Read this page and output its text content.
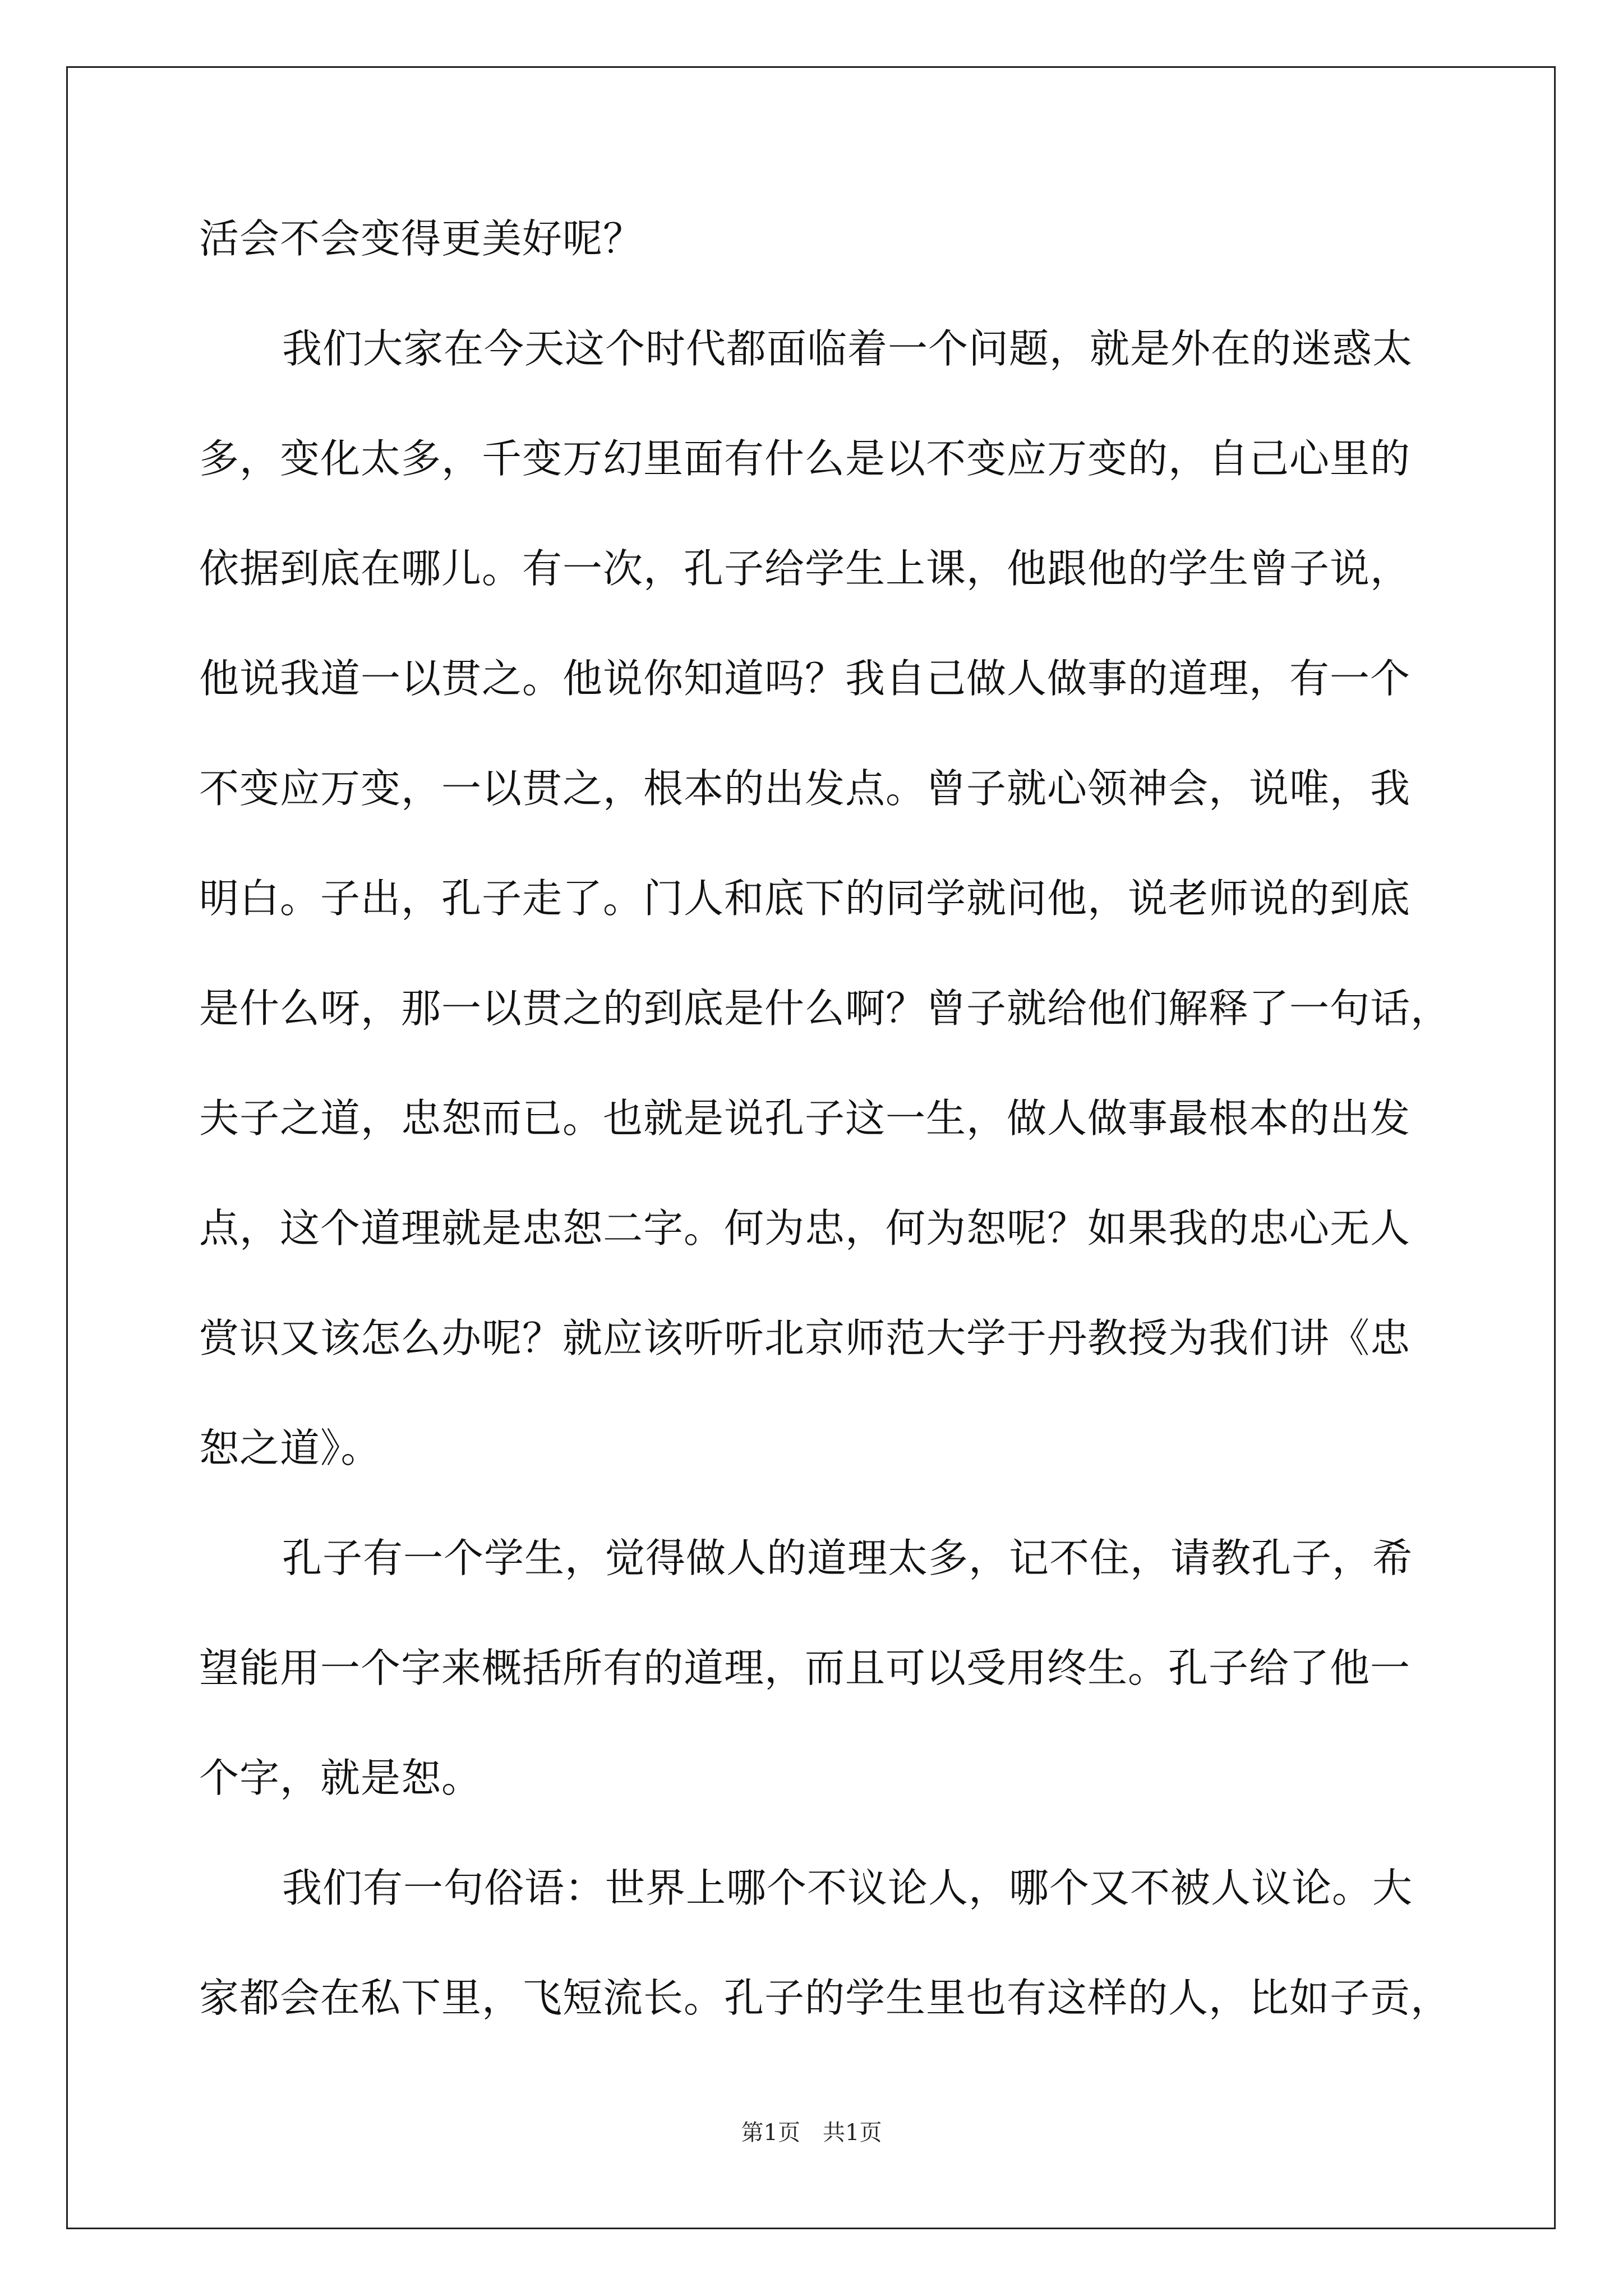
活会不会变得更美好呢？
我们大家在今天这个时代都面临着一个问题，就是外在的迷惑太
多，变化太多，千变万幻里面有什么是以不变应万变的，自己心里的
依据到底在哪儿。有一次，孔子给学生上课，他跟他的学生曾子说，
他说我道一以贯之。他说你知道吗？我自己做人做事的道理，有一个
不变应万变，一以贯之，根本的出发点。曾子就心领神会，说唯，我
明白。子出，孔子走了。门人和底下的同学就问他，说老师说的到底
是什么呀，那一以贯之的到底是什么啊？曾子就给他们解释了一句话，
夫子之道，忠恕而已。也就是说孔子这一生，做人做事最根本的出发
点，这个道理就是忠恕二字。何为忠，何为恕呢？如果我的忠心无人
赏识又该怎么办呢？就应该听听北京师范大学于丹教授为我们讲《忠
恕之道》。
孔子有一个学生，觉得做人的道理太多，记不住，请教孔子，希
望能用一个字来概括所有的道理，而且可以受用终生。孔子给了他一
个字，就是恕。
我们有一句俗语：世界上哪个不议论人，哪个又不被人议论。大
家都会在私下里，飞短流长。孔子的学生里也有这样的人，比如子贡，
第1页　共1页
